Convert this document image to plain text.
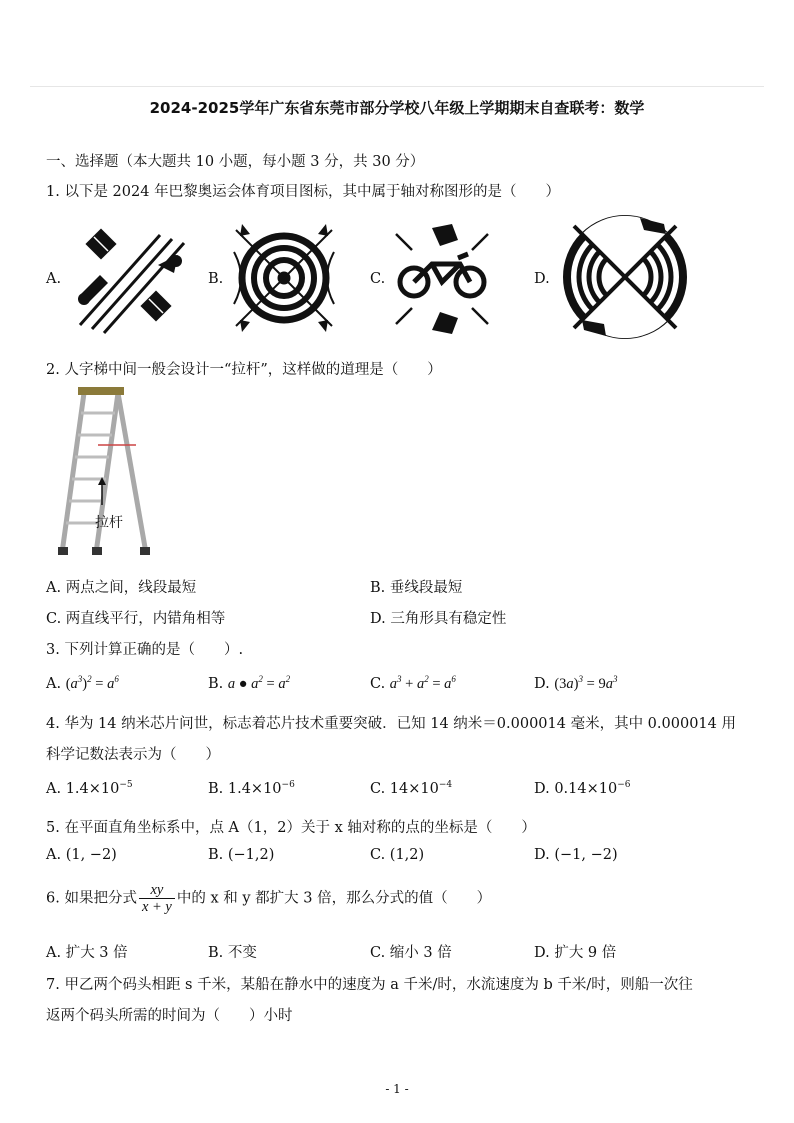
2024-2025学年广东省东莞市部分学校八年级上学期期末自查联考：数学
一、选择题（本大题共 10 小题，每小题 3 分，共 30 分）
1. 以下是 2024 年巴黎奥运会体育项目图标，其中属于轴对称图形的是（　　）
A.	B.	C.	D.
2. 人字梯中间一般会设计一“拉杆”，这样做的道理是（　　）
拉杆
A. 两点之间，线段最短	B. 垂线段最短
C. 两直线平行，内错角相等	D. 三角形具有稳定性
3. 下列计算正确的是（　　）.
A. $(a^3)^2 = a^6$	B. a ● $a^2 = a^2$	C. $a^3 + a^2 = a^6$	D. $(3a)^3 = 9a^3$
4. 华为 14 纳米芯片问世，标志着芯片技术重要突破．已知 14 纳米＝0.000014 毫米，其中 0.000014 用
科学记数法表示为（　　）
A. $1.4\times 10^{-5}$	B. $1.4\times 10^{-6}$	C. $14\times 10^{-4}$	D. $0.14\times 10^{-6}$
5. 在平面直角坐标系中，点 A（1，2）关于 x 轴对称的点的坐标是（　　）
A. (1, −2)	B. (−1,2)	C. (1,2)	D. (−1, −2)
6. 如果把分式 $\frac{xy}{x + y}$ 中的 x 和 y 都扩大 3 倍，那么分式的值（　　）
A. 扩大 3 倍	B. 不变	C. 缩小 3 倍	D. 扩大 9 倍
7. 甲乙两个码头相距 s 千米，某船在静水中的速度为 a 千米/时，水流速度为 b 千米/时，则船一次往
返两个码头所需的时间为（　　）小时
- 1 -
